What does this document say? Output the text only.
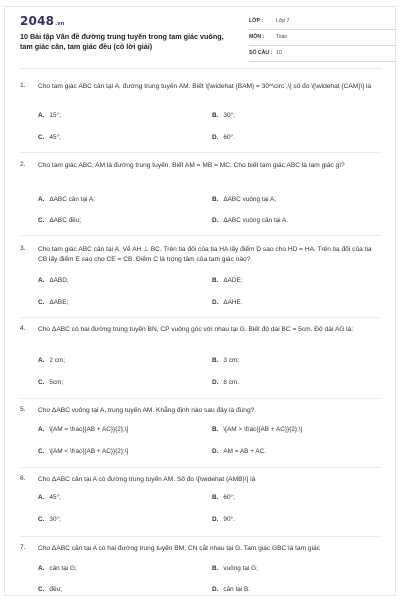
2048.vn
10 Bài tập Vấn đề đường trung tuyến trong tam giác vuông, tam giác cân, tam giác đều (có lời giải)
LỚP : Lớp 7
MÔN : Toán
SỐ CÂU : 10
1. Cho tam giác ABC cân tại A, đường trung tuyến AM. Biết \[\widehat {BAM} = 30^\circ ,\] số đo \[\widehat {CAM}\] là
A. 15°;	B. 30°;
C. 45°;	D. 60°.
2. Cho tam giác ABC, AM là đường trung tuyến. Biết AM = MB = MC. Cho biết tam giác ABC là tam giác gì?
A. ΔABC cân tại A;	B. ΔABC vuông tại A;
C. ΔABC đều;	D. ΔABC vuông cân tại A.
3. Cho tam giác ABC cân tại A. Vẽ AH ⊥ BC. Trên tia đối của tia HA lấy điểm D sao cho HD = HA. Trên tia đối của tia CB lấy điểm E sao cho CE = CB. Điểm C là trọng tâm của tam giác nào?
A. ΔABD;	B. ΔADE;
C. ΔABE;	D. ΔAHE.
4. Cho ΔABC có hai đường trung tuyến BN, CP vuông góc với nhau tại G. Biết độ dài BC = 5cm. Độ dài AG là:
A. 2 cm;	B. 3 cm;
C. 5cm;	D. 8 cm.
5. Cho ΔABC vuông tại A, trung tuyến AM. Khẳng định nào sau đây là đúng?
A. \[AM = \frac{{AB + AC}}{2};\]	B. \[AM > \frac{{AB + AC}}{2};\]
C. \[AM < \frac{{AB + AC}}{2};\]	D. AM = AB + AC.
6. Cho ΔABC cân tại A có đường trung tuyến AM. Số đo \[\widehat {AMB}\] là
A. 45°;	B. 60°;
C. 30°;	D. 90°.
7. Cho ΔABC cân tại A có hai đường trung tuyến BM, CN cắt nhau tại G. Tam giác GBC là tam giác
A. cân tại G;	B. vuông tại G;
C. đều;	D. cân tại B.
